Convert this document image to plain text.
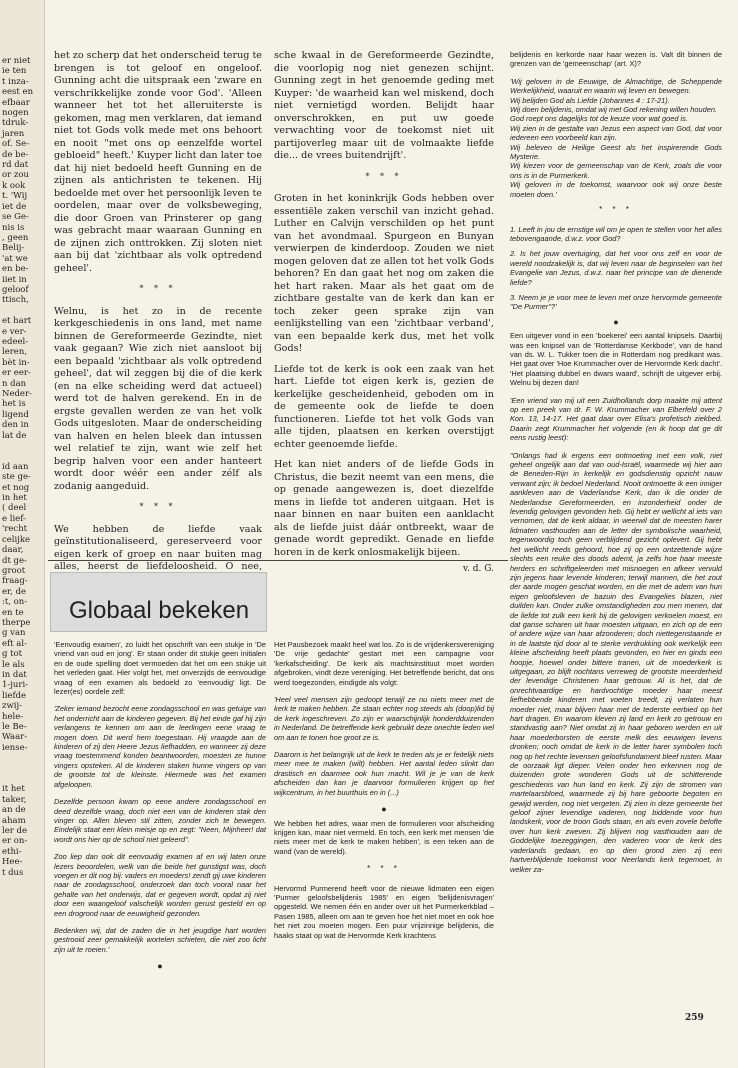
er niet
ie ten
t inza-
eest en
efbaar
nogen
tdruk-
jaren
of. Se-
de be-
rd dat
or zou
k ook
t. 'Wij
iet de
se Ge-
nis is
, geen
Belij-
'at we
en be-
iiet in
geloof
ttisch,

et hart
e ver-
edeel-
leren,
bèt in-
er eer-
n dan
Neder-
het is
ligend
den in
lat de

id aan
ste ge-
et nog
in het
( deel
e lief-
'recht
celijke
daar,
dt ge-
groot
fraag-
er, de
:t, on-
en te
therpe
g van
eft al-
g tot
le als
in dat
1-juri-
liefde
zwij-
hele-
le Be-
Waar-
iense-

it het
taker,
an de
aham
ler de
er on-
ethi-
Hee-
t dus

het zo scherp dat het onderscheid terug te brengen is tot geloof en ongeloof. Gunning acht die uitspraak een 'zware en verschrikkelijke zonde voor God'. 'Alleen wanneer het tot het alleruiterste is gekomen, mag men verklaren, dat iemand niet tot Gods volk mede met ons behoort en nooit "met ons op eenzelfde wortel gebloeid" heeft.' Kuyper licht dan later toe dat hij niet bedoeld heeft Gunning en de zijnen als antichristen te tekenen. Hij bedoelde met over het persoonlijk leven te oordelen, maar over de volksbeweging, die door Groen van Prinsterer op gang was gebracht maar waaraan Gunning en de zijnen zich onttrokken. Zij sloten niet aan bij dat 'zichtbaar als volk optredend geheel'.

* * *

Welnu, is het zo in de recente kerkgeschiedenis in ons land, met name binnen de Gereformeerde Gezindte, niet vaak gegaan? Wie zich niet aansloot bij een bepaald 'zichtbaar als volk optredend geheel', dat wil zeggen bij die of die kerk (en na elke scheiding werd dat actueel) werd tot de halven gerekend. En in de ergste gevallen werden ze van het volk Gods uitgesloten. Maar de onderscheiding van halven en helen bleek dan intussen wel relatief te zijn, want wie zelf het begrip halven voor een ander hanteert wordt door wéér een ander zélf als zodanig aangeduid.

* * *

We hebben de liefde vaak geïnstitutionaliseerd, gereserveerd voor eigen kerk of groep en naar buiten mag alles, heerst de liefdeloosheid. O nee,

sche kwaal in de Gereformeerde Gezindte, die voorlopig nog niet genezen schijnt. Gunning zegt in het genoemde geding met Kuyper: 'de waarheid kan wel miskend, doch niet vernietigd worden. Belijdt haar onverschrokken, en put uw goede verwachting voor de toekomst niet uit partijoverleg maar uit de volmaakte liefde die... de vrees buitendrijft'.

* * *

Groten in het koninkrijk Gods hebben over essentiële zaken verschil van inzicht gehad. Luther en Calvijn verschilden op het punt van het avondmaal. Spurgeon en Bunyan verwierpen de kinderdoop. Zouden we niet mogen geloven dat ze allen tot het volk Gods behoren? En dan gaat het nog om zaken die het hart raken. Maar als het gaat om de zichtbare gestalte van de kerk dan kan er toch zeker geen sprake zijn van eenlijkstelling van een 'zichtbaar verband', van een bepaalde kerk dus, met het volk Gods!

Liefde tot de kerk is ook een zaak van het hart. Liefde tot eigen kerk is, gezien de kerkelijke gescheidenheid, geboden om in de gemeente ook de liefde te doen functioneren. Liefde tot het volk Gods van alle tijden, plaatsen en kerken overstijgt echter geenoemde liefde.

Het kan niet anders of de liefde Gods in Christus, die bezit neemt van een mens, die op genade aangewezen is, doet diezelfde mens in liefde tot anderen uitgaan. Het is naar binnen en naar buiten een aanklacht als de liefde juist dáár ontbreekt, waar de genade wordt gepredikt. Genade en liefde horen in de kerk onlosmakelijk bijeen.

v. d. G.
Globaal bekeken

'Eenvoudig examen', zo luidt het opschrift van een stukje in 'De vriend van oud en jong'. Er staan onder dit stukje geen initialen en de oude spelling doet vermoeden dat het om een stukje uit het verleden gaat. Hier volgt het, met onverzijds de eenvoudige vraag of een examen als bedoeld zo 'eenvoudig' ligt. De lezer(es) oordele zelf:

'Zeker iemand bezocht eene zondagsschool en was getuige van het onderricht aan de kinderen gegeven. Bij het einde gaf hij zijn verlangens te kennen om aan de leerlingen eene vraag te mogen doen. Dit werd hem toegestaan. Hij vraagde aan de kinderen of zij den Heere Jezus liefhadden, en wanneer zij deze vraag toestemmend konden beantwoorden, moesten ze hunne vingers opsteken. Al de kinderen staken hunne vingers op van de grootste tot de kleinste. Hiermede was het examen afgeloopen.

Dezelfde persoon kwam op eene andere zondagsschool en deed dezelfde vraag, doch niet een van de kinderen stak den vinger op. Allen bleven stil zitten, zonder zich te bewegen. Eindelijk staat een klein meisje op en zegt: "Neen, Mijnheer! dat wordt ons hier op de school niet geleerd".

Zoo liep dan ook dit eenvoudig examen af en wij laten onze lezers beoordelen, welk van die beide het gunstigst was, doch voegen er dit nog bij: vaders en moeders! zendt gij uwe kinderen naar de zondagsschool, onderzoek dan toch vooral naar het gehalte van het onderwijs, dat er gegeven wordt, opdat zij niet door een waangeloof valschelijk worden gerust gesteld en op een drogrond naar de eeuwigheid gezonden.

Bedenken wij, dat de zaden die in het jeugdige hart worden gestrooid zeer gemakkelijk wortelen schieten, die niet zoo licht zijn uit te roeien.'

●

Het Pausbezoek maakt heel wat los. Zo is de vrijdenkersvereniging 'De vrije gedachte' gestart met een campagne voor 'kerkafscheiding'. De kerk als machtsinstituut moet worden afgebroken, vindt deze vereniging. Het betreffende bericht, dat ons werd toegezonden, eindigde als volgt:

'Heel veel mensen zijn gedoopt terwijl ze nu niets meer met de kerk te maken hebben. Ze staan echter nog steeds als (doop)lid bij de kerk ingeschreven. Zo zijn er waarschijnlijk honderdduizenden in Nederland. De betreffende kerk gebruikt deze onechte leden wel om aan te tonen hoe groot ze is.

Daarom is het belangrijk uit de kerk te treden als je er feitelijk niets meer mee te maken (wilt) hebben. Het aantal leden slinkt dan drastisch en daarmee ook hun macht. Wil je je van de kerk afscheiden dan kan je daarvoor formulieren krijgen op het wijkcentrum, in het buurthuis en in (...)

●

We hebben het adres, waar men de formulieren voor afscheiding krijgen kan, maar niet vermeld. En toch, een kerk met mensen 'die niets meer met de kerk te maken hebben', is een teken aan de wand (van de wereld).

* * *

Hervormd Purmerend heeft voor de nieuwe lidmaten een eigen 'Purmer geloofsbelijdenis 1985' en eigen 'belijdenisvragen' opgesteld. We nemen één en ander over uit het Purmerkerkblad – Pasen 1985, alleen om aan te geven hoe het niet moet en ook hoe het niet zou moeten mogen. Een puur vrijzinnige belijdenis, die haaks staat op wat de Hervormde Kerk krachtens

belijdenis en kerkorde naar haar wezen is. Valt dit binnen de grenzen van de 'gemeenschap' (art. X)?

'Wij geloven in de Eeuwige, de Almachtige, de Scheppende Werkelijkheid, waaruit en waarin wij leven en bewegen.
Wij belijden God als Liefde (Johannes 4 : 17-21).
Wij doen belijdenis, omdat wij met God rekening willen houden.
God roept ons dagelijks tot de keuze voor wat goed is.
Wij zien in de gestalte van Jezus een aspect van God, dat voor iedereen een voorbeeld kan zijn.
Wij beleven de Heilige Geest als het inspirerende Gods Mysterie.
Wij kiezen voor de gemeenschap van de Kerk, zoals die voor ons is in de Purmerkerk.
Wij geloven in de toekomst, waarvoor ook wij onze beste moeten doen.'
* * *
1. Leeft in jou de ernstige wil om je open te stellen voor het alles tebovengaande, d.w.z. voor God?
2. Is het jouw overtuiging, dat het voor ons zelf en voor de wereld noodzakelijk is, dat wij leven naar de beginselen van het Evangelie van Jezus, d.w.z. naar het principe van de dienende liefde?
3. Neem je je voor mee te leven met onze hervormde gemeente "De Purmer"?'
●

Een uitgever vond in een 'boekerei' een aantal knipsels. Daarbij was een knipsel van de 'Rotterdamse Kerkbode', van de hand van ds. W. L. Tukker toen die in Rotterdam nog predikant was. Het gaat over 'Hoe Krummacher over de Hervormde Kerk dacht'. 'Het plaatsing dubbel en dwars waard', schrijft de uitgever erbij. Welnu bij dezen dan!

'Een vriend van mij uit een Zuidhollands dorp maakte mij attent op een preek van dr. F. W. Krummacher van Elberfeld over 2 Kon. 13, 14-17. Het gaat daar over Elisa's profetisch ziekbed. Daarin zegt Krummacher het volgende (en ik hoop dat ge dit eens rustig leest):

"Onlangs had ik ergens een ontmoeting met een volk, niet geheel ongelijk aan dat van oud-Israël, waarmede wij hier aan de Beneden-Rijn in kerkelijk en godsdienstig opzicht nauw verwant zijn; ik bedoel Nederland. Nooit ontmoette ik een inniger aankleven aan de Vaderlandse Kerk, dan ik die onder de Nederlandse Gereformeerden, en inzonderheid onder de levendig gelovigen gevonden heb. Gij hebt er wellicht al iets van vernomen, dat de kerk aldaar, in weerwil dat de meesten harer lidmaten vasthouden aan de letter der symbolische waarheid, tegenwoordig toch geen verblijdend gezicht oplevert. Gij hebt het wellicht reeds gehoord, hoe zij op een ontzettende wijze slechts een reuke des doods ademt, ja zelfs hoe haar meeste herders en schriftgeleerden met misnoegen en afkeer vervuld zijn jegens haar levende kinderen; terwijl mannen, die het zout der aarde mogen geschat worden, en die met de adem van hun eigen geloofsleven de bazuin des Evangelies blazen, niet duilden kan. Onder zulke omstandigheden zou men menen, dat de liefde tot zulk een kerk bij de gelovigen verkoelen moest, en dat ganse scharen uit haar moesten uitgaan, en zich op de een of andere wijze van haar afzonderen; doch niettegenstaande er in de laatste tijd door al te sterke verdrukking ook werkelijk een kleine afscheiding heeft plaats gevonden, en hier en ginds een hoopje, hoewel onder bittere tranen, uit de moederkerk is uitgegaan, zo blijft nochtans verreweg de grootste meerderheid der levendige Christenen haar getrouw. Al is het, dat de onrechtvaardige en hardvochtige moeder haar meest liefhebbende kinderen met voeten treedt, zij verlaten hun moeder niet, maar blijven haar met de tederste eerbied op het hart dragen. En waarom kleven zij land en kerk zo getrouw en standvastig aan? Niet omdat zij in haar geboren werden en uit haar moederborsten de eerste melk des eeuwigen levens dronken; noch omdat de kerk in de letter harer symbolen toch nog op het rechte levensen geloofsfundament bleef rusten. Maar de oorzaak ligt dieper. Velen onder hen erkennen nog de duizenden grote wonderen Gods uit de schitterende geschiedenis van hun land en kerk. Zij zijn de stromen van martelaarsbloed, waarmede zij bij hare geboorte begoten en gewijd werden, nog niet vergeten. Zij zien in deze gemeente het geloof zijner levendige vaderen, nog biddende voor hun landskerk, voor de troon Gods staan, en als even zovele belofte over hun kerk zweven. Zij blijven nog vasthouden aan de Goddelijke toezeggingen, den vaderen voor de kerk des vaderlands gedaan, en op dien grond zien zij een hartverblijdende toekomst voor Neerlands kerk tegemoet, in welker za-

259
